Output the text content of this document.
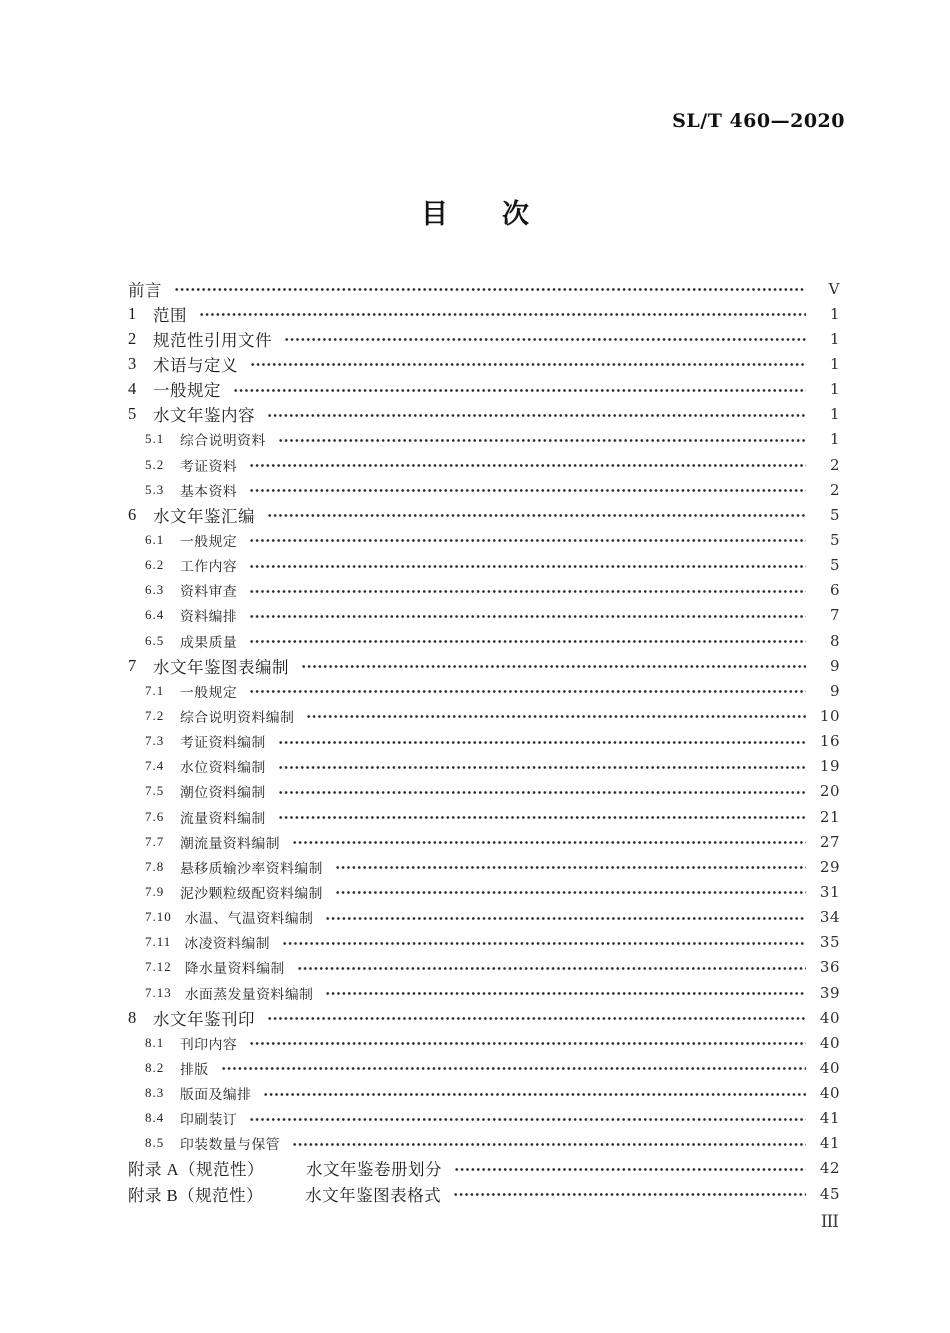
SL/T 460—2020
目　　次
前言	V
1 范围	1
2 规范性引用文件	1
3 术语与定义	1
4 一般规定	1
5 水文年鉴内容	1
5.1 综合说明资料	1
5.2 考证资料	2
5.3 基本资料	2
6 水文年鉴汇编	5
6.1 一般规定	5
6.2 工作内容	5
6.3 资料审查	6
6.4 资料编排	7
6.5 成果质量	8
7 水文年鉴图表编制	9
7.1 一般规定	9
7.2 综合说明资料编制	10
7.3 考证资料编制	16
7.4 水位资料编制	19
7.5 潮位资料编制	20
7.6 流量资料编制	21
7.7 潮流量资料编制	27
7.8 悬移质输沙率资料编制	29
7.9 泥沙颗粒级配资料编制	31
7.10 水温、气温资料编制	34
7.11 冰凌资料编制	35
7.12 降水量资料编制	36
7.13 水面蒸发量资料编制	39
8 水文年鉴刊印	40
8.1 刊印内容	40
8.2 排版	40
8.3 版面及编排	40
8.4 印刷装订	41
8.5 印装数量与保管	41
附录 A（规范性）	水文年鉴卷册划分	42
附录 B（规范性）	水文年鉴图表格式	45
III
